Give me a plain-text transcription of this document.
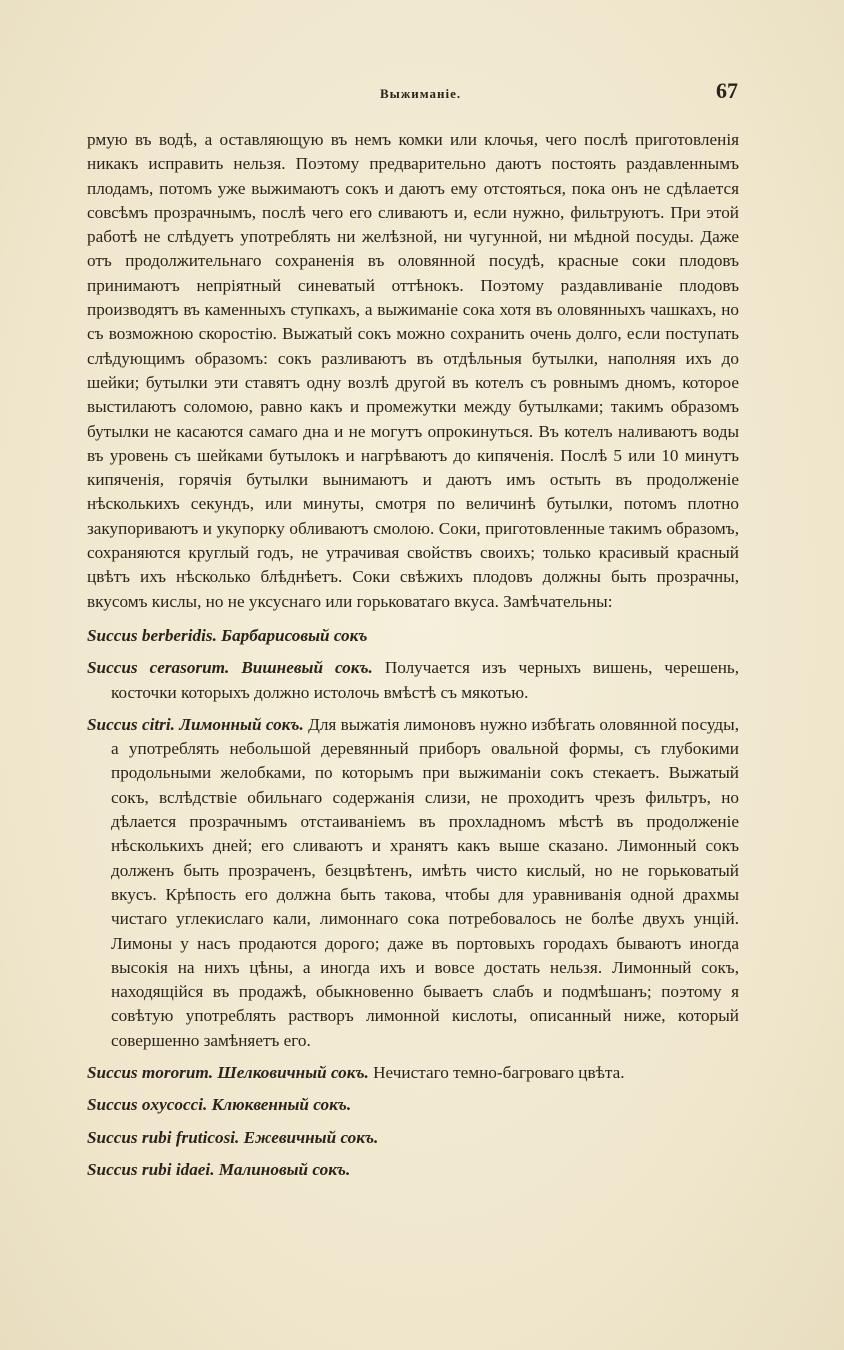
Выжиманіе.	67

рмую въ водѣ, а оставляющую въ немъ комки или клочья, чего послѣ приготовленія никакъ исправить нельзя. Поэтому предварительно даютъ постоять раздавленнымъ плодамъ, потомъ уже выжимаютъ сокъ и даютъ ему отстояться, пока онъ не сдѣлается совсѣмъ прозрачнымъ, послѣ чего его сливаютъ и, если нужно, фильтруютъ. При этой работѣ не слѣдуетъ употреблять ни желѣзной, ни чугунной, ни мѣдной посуды. Даже отъ продолжительнаго сохраненія въ оловянной посудѣ, красные соки плодовъ принимаютъ непріятный синеватый оттѣнокъ. Поэтому раздавливаніе плодовъ производятъ въ каменныхъ ступкахъ, а выжиманіе сока хотя въ оловянныхъ чашкахъ, но съ возможною скоростію. Выжатый сокъ можно сохранить очень долго, если поступать слѣдующимъ образомъ: сокъ разливаютъ въ отдѣльныя бутылки, наполняя ихъ до шейки; бутылки эти ставятъ одну возлѣ другой въ котелъ съ ровнымъ дномъ, которое выстилаютъ соломою, равно какъ и промежутки между бутылками; такимъ образомъ бутылки не касаются самаго дна и не могутъ опрокинуться. Въ котелъ наливаютъ воды въ уровень съ шейками бутылокъ и нагрѣваютъ до кипяченія. Послѣ 5 или 10 минутъ кипяченія, горячія бутылки вынимаютъ и даютъ имъ остыть въ продолженіе нѣсколькихъ секундъ, или минуты, смотря по величинѣ бутылки, потомъ плотно закупориваютъ и укупорку обливаютъ смолою. Соки, приготовленные такимъ образомъ, сохраняются круглый годъ, не утрачивая свойствъ своихъ; только красивый красный цвѣтъ ихъ нѣсколько блѣднѣетъ. Соки свѣжихъ плодовъ должны быть прозрачны, вкусомъ кислы, но не уксуснаго или горьковатаго вкуса. Замѣчательны:

Succus berberidis. Барбарисовый сокъ

Succus cerasorum. Вишневый сокъ. Получается изъ черныхъ вишень, черешень, косточки которыхъ должно истолочь вмѣстѣ съ мякотью.

Succus citri. Лимонный сокъ. Для выжатія лимоновъ нужно избѣгать оловянной посуды, а употреблять небольшой деревянный приборъ овальной формы, съ глубокими продольными желобками, по которымъ при выжиманіи сокъ стекаетъ. Выжатый сокъ, вслѣдствіе обильнаго содержанія слизи, не проходитъ чрезъ фильтръ, но дѣлается прозрачнымъ отстаиваніемъ въ прохладномъ мѣстѣ въ продолженіе нѣсколькихъ дней; его сливаютъ и хранятъ какъ выше сказано. Лимонный сокъ долженъ быть прозраченъ, безцвѣтенъ, имѣть чисто кислый, но не горьковатый вкусъ. Крѣпость его должна быть такова, чтобы для уравниванія одной драхмы чистаго углекислаго кали, лимоннаго сока потребовалось не болѣе двухъ унцій. Лимоны у насъ продаются дорого; даже въ портовыхъ городахъ бываютъ иногда высокія на нихъ цѣны, а иногда ихъ и вовсе достать нельзя. Лимонный сокъ, находящійся въ продажѣ, обыкновенно бываетъ слабъ и подмѣшанъ; поэтому я совѣтую употреблять растворъ лимонной кислоты, описанный ниже, который совершенно замѣняетъ его.

Succus mororum. Шелковичный сокъ. Нечистаго темно-багроваго цвѣта.

Succus oxycocci. Клюквенный сокъ.

Succus rubi fruticosi. Ежевичный сокъ.

Succus rubi idaei. Малиновый сокъ.
